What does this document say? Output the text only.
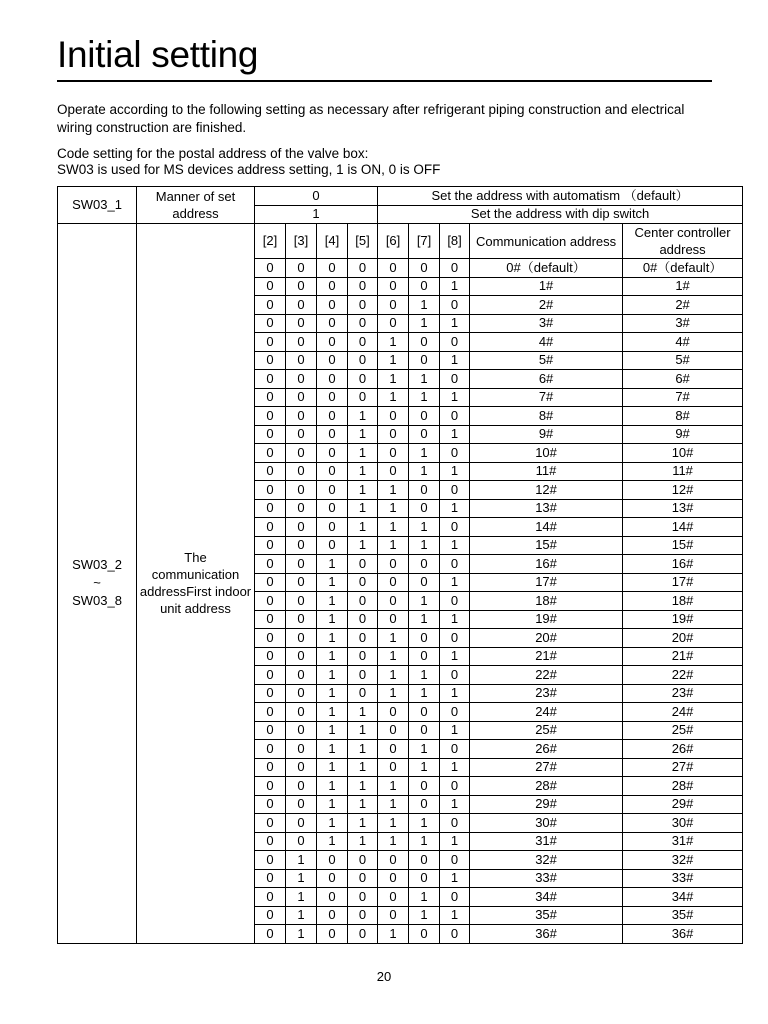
Initial setting

Operate according to the following setting as necessary after refrigerant piping construction and electrical wiring construction are finished.

Code setting for the postal address of the valve box:

SW03 is used for MS devices address setting, 1 is ON, 0 is OFF

SW03_1	Manner of set address	0				Set the address with automatism （default）				
		1				Set the address with dip switch				

SW03_2
~
SW03_8	The communication addressFirst indoor unit address	[2]	[3]	[4]	[5]	[6]	[7]	[8]	Communication address	Center controller address
		0	0	0	0	0	0	0	0#（default）	0#（default）
		0	0	0	0	0	0	1	1#	1#
		0	0	0	0	0	1	0	2#	2#
		0	0	0	0	0	1	1	3#	3#
		0	0	0	0	1	0	0	4#	4#
		0	0	0	0	1	0	1	5#	5#
		0	0	0	0	1	1	0	6#	6#
		0	0	0	0	1	1	1	7#	7#
		0	0	0	1	0	0	0	8#	8#
		0	0	0	1	0	0	1	9#	9#
		0	0	0	1	0	1	0	10#	10#
		0	0	0	1	0	1	1	11#	11#
		0	0	0	1	1	0	0	12#	12#
		0	0	0	1	1	0	1	13#	13#
		0	0	0	1	1	1	0	14#	14#
		0	0	0	1	1	1	1	15#	15#
		0	0	1	0	0	0	0	16#	16#
		0	0	1	0	0	0	1	17#	17#
		0	0	1	0	0	1	0	18#	18#
		0	0	1	0	0	1	1	19#	19#
		0	0	1	0	1	0	0	20#	20#
		0	0	1	0	1	0	1	21#	21#
		0	0	1	0	1	1	0	22#	22#
		0	0	1	0	1	1	1	23#	23#
		0	0	1	1	0	0	0	24#	24#
		0	0	1	1	0	0	1	25#	25#
		0	0	1	1	0	1	0	26#	26#
		0	0	1	1	0	1	1	27#	27#
		0	0	1	1	1	0	0	28#	28#
		0	0	1	1	1	0	1	29#	29#
		0	0	1	1	1	1	0	30#	30#
		0	0	1	1	1	1	1	31#	31#
		0	1	0	0	0	0	0	32#	32#
		0	1	0	0	0	0	1	33#	33#
		0	1	0	0	0	1	0	34#	34#
		0	1	0	0	0	1	1	35#	35#
		0	1	0	0	1	0	0	36#	36#
20
